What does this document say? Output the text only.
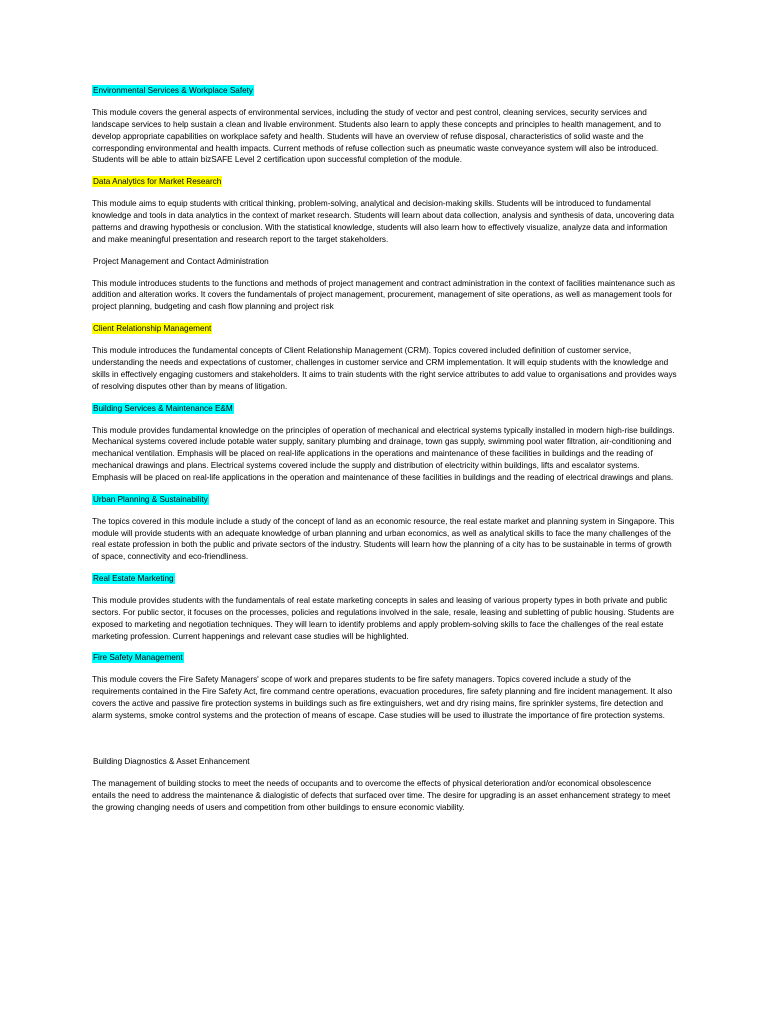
Environmental Services & Workplace Safety

This module covers the general aspects of environmental services, including the study of vector and pest control, cleaning services, security services and landscape services to help sustain a clean and livable environment. Students also learn to apply these concepts and principles to health management, and to develop appropriate capabilities on workplace safety and health. Students will have an overview of refuse disposal, characteristics of solid waste and the corresponding environmental and health impacts. Current methods of refuse collection such as pneumatic waste conveyance system will also be introduced. Students will be able to attain bizSAFE Level 2 certification upon successful completion of the module.

Data Analytics for Market Research

This module aims to equip students with critical thinking, problem-solving, analytical and decision-making skills. Students will be introduced to fundamental knowledge and tools in data analytics in the context of market research. Students will learn about data collection, analysis and synthesis of data, uncovering data patterns and drawing hypothesis or conclusion. With the statistical knowledge, students will also learn how to effectively visualize, analyze data and information and make meaningful presentation and research report to the target stakeholders.

Project Management and Contact Administration

This module introduces students to the functions and methods of project management and contract administration in the context of facilities maintenance such as addition and alteration works. It covers the fundamentals of project management, procurement, management of site operations, as well as management tools for project planning, budgeting and cash flow planning and project risk

Client Relationship Management

This module introduces the fundamental concepts of Client Relationship Management (CRM). Topics covered included definition of customer service, understanding the needs and expectations of customer, challenges in customer service and CRM implementation. It will equip students with the knowledge and skills in effectively engaging customers and stakeholders. It aims to train students with the right service attributes to add value to organisations and provides ways of resolving disputes other than by means of litigation.

Building Services & Maintenance E&M

This module provides fundamental knowledge on the principles of operation of mechanical and electrical systems typically installed in modern high-rise buildings. Mechanical systems covered include potable water supply, sanitary plumbing and drainage, town gas supply, swimming pool water filtration, air-conditioning and mechanical ventilation. Emphasis will be placed on real-life applications in the operations and maintenance of these facilities in buildings and the reading of mechanical drawings and plans. Electrical systems covered include the supply and distribution of electricity within buildings, lifts and escalator systems. Emphasis will be placed on real-life applications in the operation and maintenance of these facilities in buildings and the reading of electrical drawings and plans.

Urban Planning & Sustainability

The topics covered in this module include a study of the concept of land as an economic resource, the real estate market and planning system in Singapore. This module will provide students with an adequate knowledge of urban planning and urban economics, as well as analytical skills to face the many challenges of the real estate profession in both the public and private sectors of the industry. Students will learn how the planning of a city has to be sustainable in terms of growth of space, connectivity and eco-friendliness.

Real Estate Marketing

This module provides students with the fundamentals of real estate marketing concepts in sales and leasing of various property types in both private and public sectors. For public sector, it focuses on the processes, policies and regulations involved in the sale, resale, leasing and subletting of public housing. Students are exposed to marketing and negotiation techniques. They will learn to identify problems and apply problem-solving skills to face the challenges of the real estate marketing profession. Current happenings and relevant case studies will be highlighted.

Fire Safety Management

This module covers the Fire Safety Managers' scope of work and prepares students to be fire safety managers. Topics covered include a study of the requirements contained in the Fire Safety Act, fire command centre operations, evacuation procedures, fire safety planning and fire incident management. It also covers the active and passive fire protection systems in buildings such as fire extinguishers, wet and dry rising mains, fire sprinkler systems, fire detection and alarm systems, smoke control systems and the protection of means of escape. Case studies will be used to illustrate the importance of fire protection systems.

Building Diagnostics & Asset Enhancement

The management of building stocks to meet the needs of occupants and to overcome the effects of physical deterioration and/or economical obsolescence entails the need to address the maintenance & dialogistic of defects that surfaced over time. The desire for upgrading is an asset enhancement strategy to meet the growing changing needs of users and competition from other buildings to ensure economic viability.
